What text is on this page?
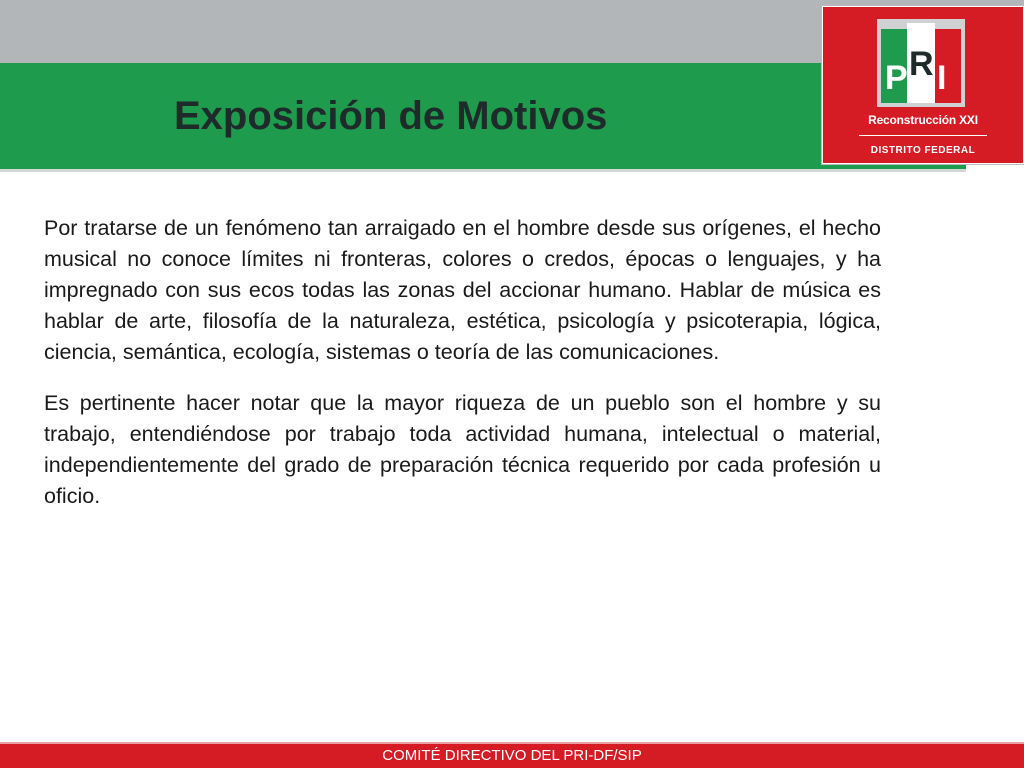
Exposición de Motivos
P R I
Reconstrucción XXI
DISTRITO FEDERAL

Por tratarse de un fenómeno tan arraigado en el hombre desde sus orígenes, el hecho musical no conoce límites ni fronteras, colores o credos, épocas o lenguajes, y ha impregnado con sus ecos todas las zonas del accionar humano. Hablar de música es hablar de arte, filosofía de la naturaleza, estética, psicología y psicoterapia, lógica, ciencia, semántica, ecología, sistemas o teoría de las comunicaciones.

Es pertinente hacer notar que la mayor riqueza de un pueblo son el hombre y su trabajo, entendiéndose por trabajo toda actividad humana, intelectual o material, independientemente del grado de preparación técnica requerido por cada profesión u oficio.

COMITÉ DIRECTIVO DEL PRI-DF/SIP
